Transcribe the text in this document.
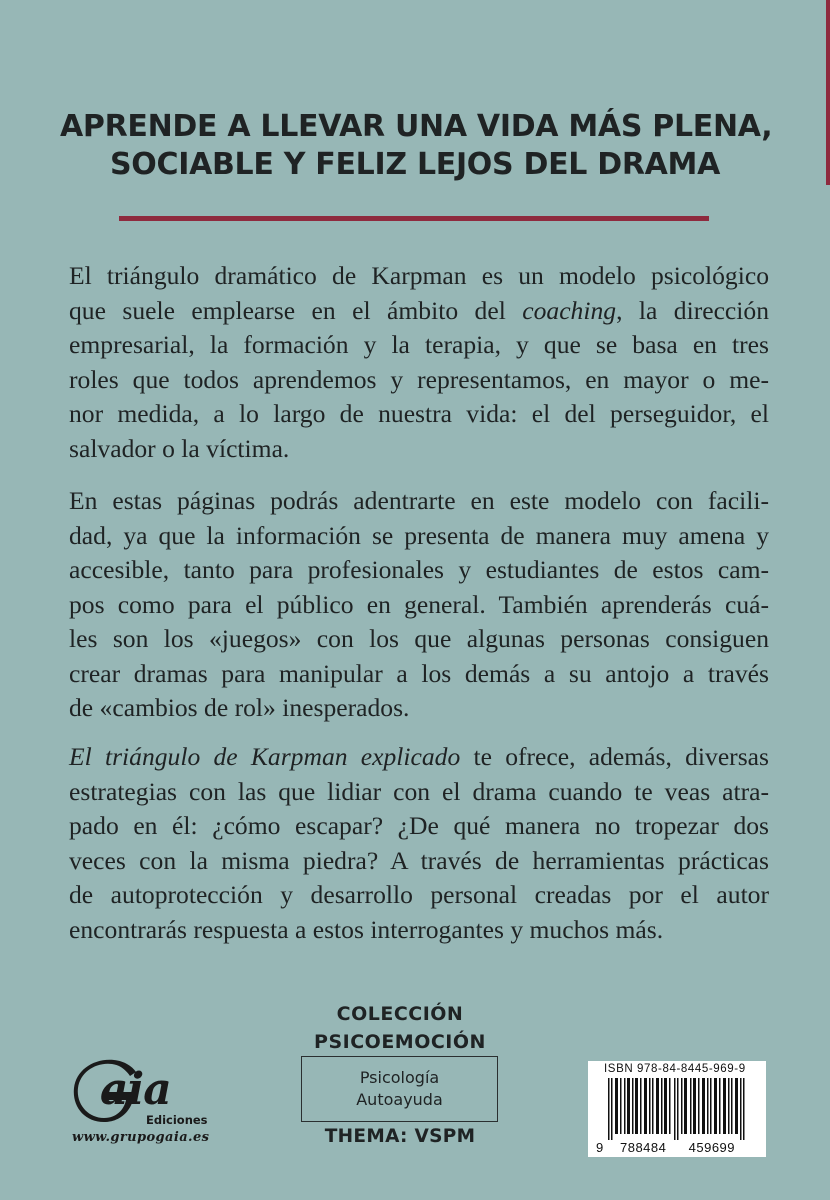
APRENDE A LLEVAR UNA VIDA MÁS PLENA,
SOCIABLE Y FELIZ LEJOS DEL DRAMA
El triángulo dramático de Karpman es un modelo psicológico
que suele emplearse en el ámbito del coaching, la dirección
empresarial, la formación y la terapia, y que se basa en tres
roles que todos aprendemos y representamos, en mayor o me-
nor medida, a lo largo de nuestra vida: el del perseguidor, el
salvador o la víctima.
En estas páginas podrás adentrarte en este modelo con facili-
dad, ya que la información se presenta de manera muy amena y
accesible, tanto para profesionales y estudiantes de estos cam-
pos como para el público en general. También aprenderás cuá-
les son los «juegos» con los que algunas personas consiguen
crear dramas para manipular a los demás a su antojo a través
de «cambios de rol» inesperados.
El triángulo de Karpman explicado te ofrece, además, diversas
estrategias con las que lidiar con el drama cuando te veas atra-
pado en él: ¿cómo escapar? ¿De qué manera no tropezar dos
veces con la misma piedra? A través de herramientas prácticas
de autoprotección y desarrollo personal creadas por el autor
encontrarás respuesta a estos interrogantes y muchos más.
COLECCIÓN
PSICOEMOCIÓN
Psicología
Autoayuda
THEMA: VSPM
aia
Ediciones
www.grupogaia.es
ISBN 978-84-8445-969-9
9 788484 459699
